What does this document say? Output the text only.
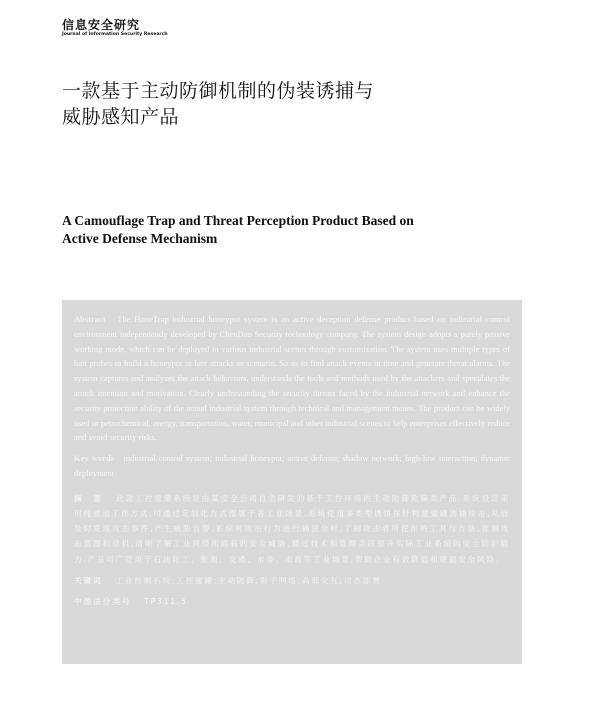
信息安全研究
Journal of Information Security Research
一款基于主动防御机制的伪装诱捕与
威胁感知产品
A Camouflage Trap and Threat Perception Product Based on
Active Defense Mechanism
Abstract The HoneTrap industrial honeypot system is an active deception defense product based on industrial control environment independently developed by ChenDao Security technology company. The system design adopts a purely passive working mode, which can be deployed in various industrial scenes through customization. The system uses multiple types of bait probes to build a honeypot to lure attacks or scenario. So as to find attack events in time and generate threat alarms. The system captures and analyzes the attack behaviors, understands the tools and methods used by the attackers and speculates the attack intention and motivation. Clearly understanding the security threats faced by the industrial network and enhance the security protection ability of the actual industrial system through technical and management means. The product can be widely used in petrochemical, energy, transportation, water, municipal and other industrial scenes to help enterprises effectively reduce and avoid security risks.
Key words industrial control system; industrial honeypot; active defense; shadow network; high-low interaction; dynamic deployment
摘　要 此款工控蜜罐系统是由某安全公司自主研发的基于工控环境的主动防御欺骗类产品.系统设计采用纯被动工作方式,可通过定制化方式部署于各工业场景.系统使用多类型诱饵探针构建蜜罐诱捕攻击,从而及时发现攻击事件,产生威胁告警.系统对攻击行为进行捕获分析,了解攻击者所使用的工具与方法,推测攻击意图和动机,清晰了解工业网络所面临的安全威胁,通过技术和管理手段提升实际工业系统的安全防护能力.产品可广泛用于石油化工、能源、交通、水务、市政等工业场景,帮助企业有效降低和规避安全风险.
关键词 工业控制系统;工控蜜罐;主动防御;影子网络;高低交互;动态部署
中图法分类号 TP311.5
